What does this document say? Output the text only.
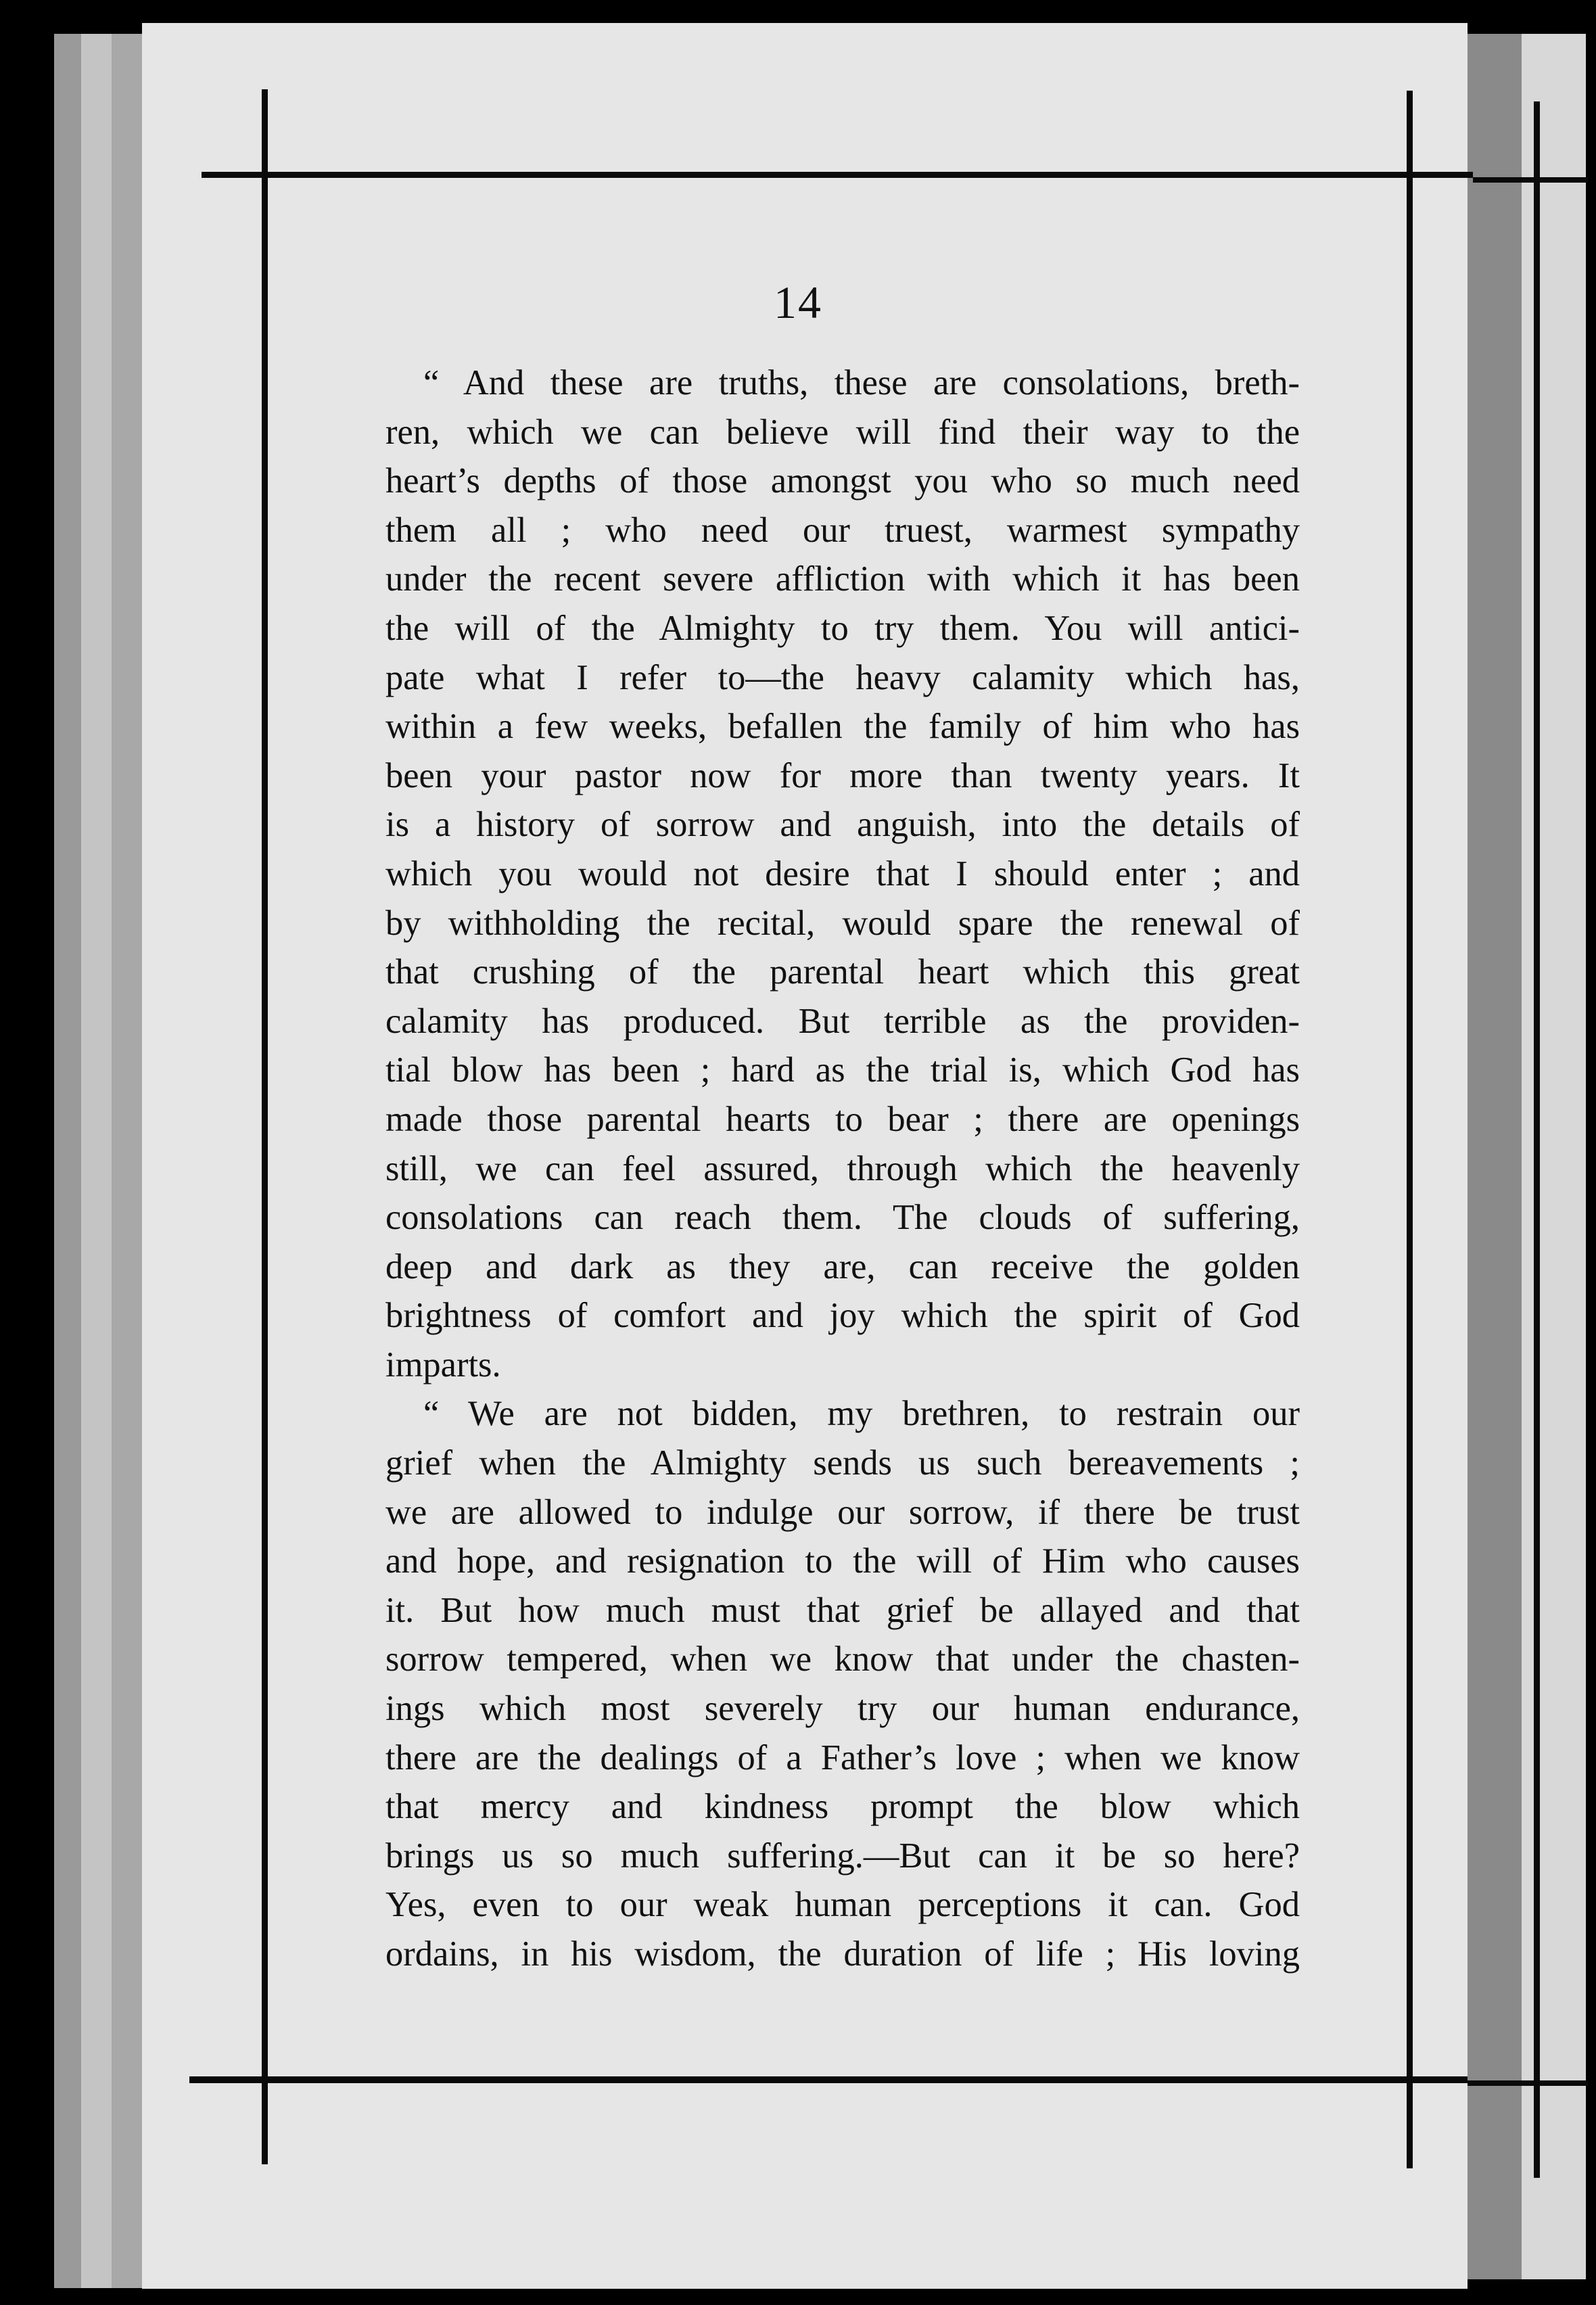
14
“ And these are truths, these are consolations, breth-
ren, which we can believe will find their way to the
heart’s depths of those amongst you who so much need
them all ; who need our truest, warmest sympathy
under the recent severe affliction with which it has been
the will of the Almighty to try them. You will antici-
pate what I refer to—the heavy calamity which has,
within a few weeks, befallen the family of him who has
been your pastor now for more than twenty years. It
is a history of sorrow and anguish, into the details of
which you would not desire that I should enter ; and
by withholding the recital, would spare the renewal of
that crushing of the parental heart which this great
calamity has produced. But terrible as the providen-
tial blow has been ; hard as the trial is, which God has
made those parental hearts to bear ; there are openings
still, we can feel assured, through which the heavenly
consolations can reach them. The clouds of suffering,
deep and dark as they are, can receive the golden
brightness of comfort and joy which the spirit of God
imparts.
“ We are not bidden, my brethren, to restrain our
grief when the Almighty sends us such bereavements ;
we are allowed to indulge our sorrow, if there be trust
and hope, and resignation to the will of Him who causes
it. But how much must that grief be allayed and that
sorrow tempered, when we know that under the chasten-
ings which most severely try our human endurance,
there are the dealings of a Father’s love ; when we know
that mercy and kindness prompt the blow which
brings us so much suffering.—But can it be so here?
Yes, even to our weak human perceptions it can. God
ordains, in his wisdom, the duration of life ; His loving
